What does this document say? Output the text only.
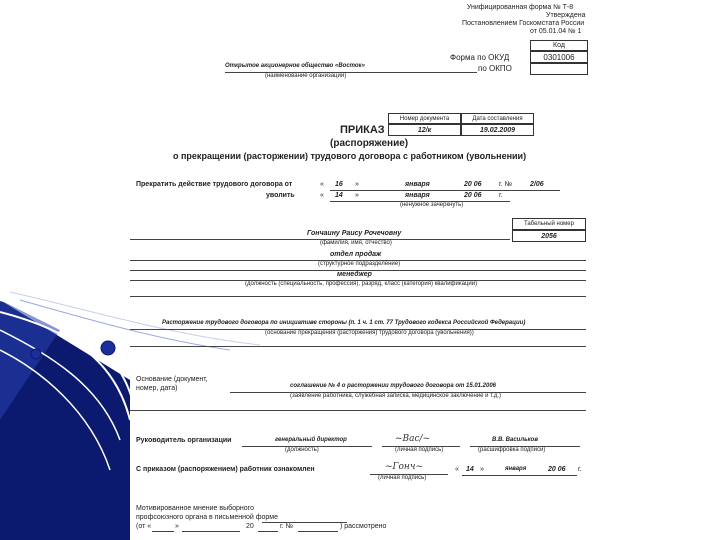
Унифицированная форма № Т-8
Утверждена
Постановлением Госкомстата России
от 05.01.04 № 1
Код
Форма по ОКУД	0301006
по ОКПО
Открытое акционерное общество «Восток»
(наименование организации)
Номер документа	Дата составления
12/к	19.02.2009
ПРИКАЗ
(распоряжение)
о прекращении (расторжении) трудового договора с работником (увольнении)
Прекратить действие трудового договора от	« 16 »	января	20 06 г. №	2/06
уволить	« 14 »	января	20 06 г.
(ненужное зачеркнуть)
Табельный номер
2056
Гончаину Раису Рочечовну
(фамилия, имя, отчество)
отдел продаж
(структурное подразделение)
менеджер
(должность (специальность, профессия), разряд, класс (категория) квалификации)
Расторжение трудового договора по инициативе стороны (п. 1 ч. 1 ст. 77 Трудового кодекса Российской Федерации)
(основание прекращения (расторжения) трудового договора (увольнения))
Основание (документ,
номер, дата)	соглашение № 4 о расторжении трудового договора от 15.01.2006
(заявление работника, служебная записка, медицинское заключение и т.д.)
Руководитель организации	генеральный директор
(должность)
~Вас/~
(личная подпись)
В.В. Васильков
(расшифровка подписи)
С приказом (распоряжением) работник ознакомлен	~Гонч~
(личная подпись)
« 14 »	января	20 06 г.
Мотивированное мнение выборного
профсоюзного органа в письменной форме
(от «	»	20	г. №	) рассмотрено
